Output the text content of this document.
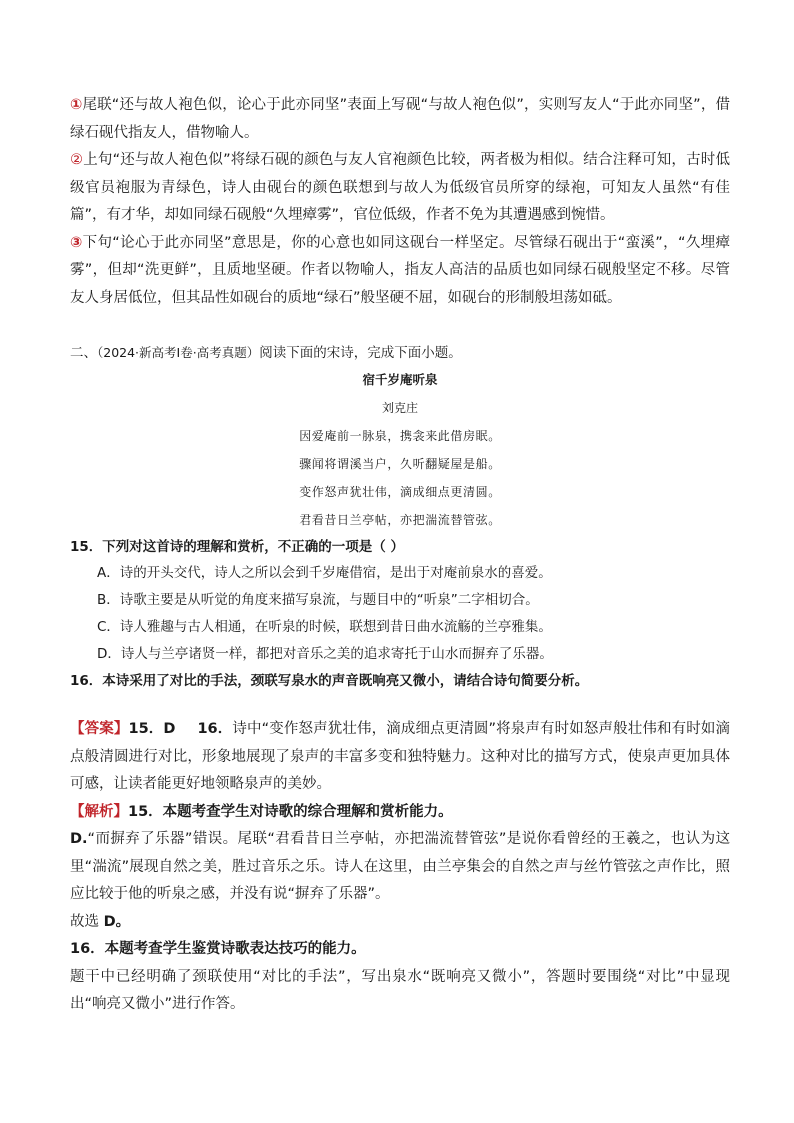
①尾联“还与故人袍色似，论心于此亦同坚”表面上写砚“与故人袍色似”，实则写友人“于此亦同坚”，借绿石砚代指友人，借物喻人。

②上句“还与故人袍色似”将绿石砚的颜色与友人官袍颜色比较，两者极为相似。结合注释可知，古时低级官员袍服为青绿色，诗人由砚台的颜色联想到与故人为低级官员所穿的绿袍，可知友人虽然“有佳篇”，有才华，却如同绿石砚般“久埋瘴雾”，官位低级，作者不免为其遭遇感到惋惜。

③下句“论心于此亦同坚”意思是，你的心意也如同这砚台一样坚定。尽管绿石砚出于“蛮溪”，“久埋瘴雾”，但却“洗更鲜”，且质地坚硬。作者以物喻人，指友人高洁的品质也如同绿石砚般坚定不移。尽管友人身居低位，但其品性如砚台的质地“绿石”般坚硬不屈，如砚台的形制般坦荡如砥。

二、（2024·新高考Ⅰ卷·高考真题）阅读下面的宋诗，完成下面小题。

宿千岁庵听泉

刘克庄

因爱庵前一脉泉，携衾来此借房眠。

骤闻将谓溪当户，久听翻疑屋是船。

变作怒声犹壮伟，滴成细点更清圆。

君看昔日兰亭帖，亦把湍流替管弦。

15．下列对这首诗的理解和赏析，不正确的一项是（ ）

A．诗的开头交代，诗人之所以会到千岁庵借宿，是出于对庵前泉水的喜爱。

B．诗歌主要是从听觉的角度来描写泉流，与题目中的“听泉”二字相切合。

C．诗人雅趣与古人相通，在听泉的时候，联想到昔日曲水流觞的兰亭雅集。

D．诗人与兰亭诸贤一样，都把对音乐之美的追求寄托于山水而摒弃了乐器。

16．本诗采用了对比的手法，颈联写泉水的声音既响亮又微小，请结合诗句简要分析。

【答案】15．D 16．诗中“变作怒声犹壮伟，滴成细点更清圆”将泉声有时如怒声般壮伟和有时如滴点般清圆进行对比，形象地展现了泉声的丰富多变和独特魅力。这种对比的描写方式，使泉声更加具体可感，让读者能更好地领略泉声的美妙。

【解析】15．本题考查学生对诗歌的综合理解和赏析能力。

D.“而摒弃了乐器”错误。尾联“君看昔日兰亭帖，亦把湍流替管弦”是说你看曾经的王羲之，也认为这里“湍流”展现自然之美，胜过音乐之乐。诗人在这里，由兰亭集会的自然之声与丝竹管弦之声作比，照应比较于他的听泉之感，并没有说“摒弃了乐器”。

故选 D。

16．本题考查学生鉴赏诗歌表达技巧的能力。

题干中已经明确了颈联使用“对比的手法”，写出泉水“既响亮又微小”，答题时要围绕“对比”中显现出“响亮又微小”进行作答。
